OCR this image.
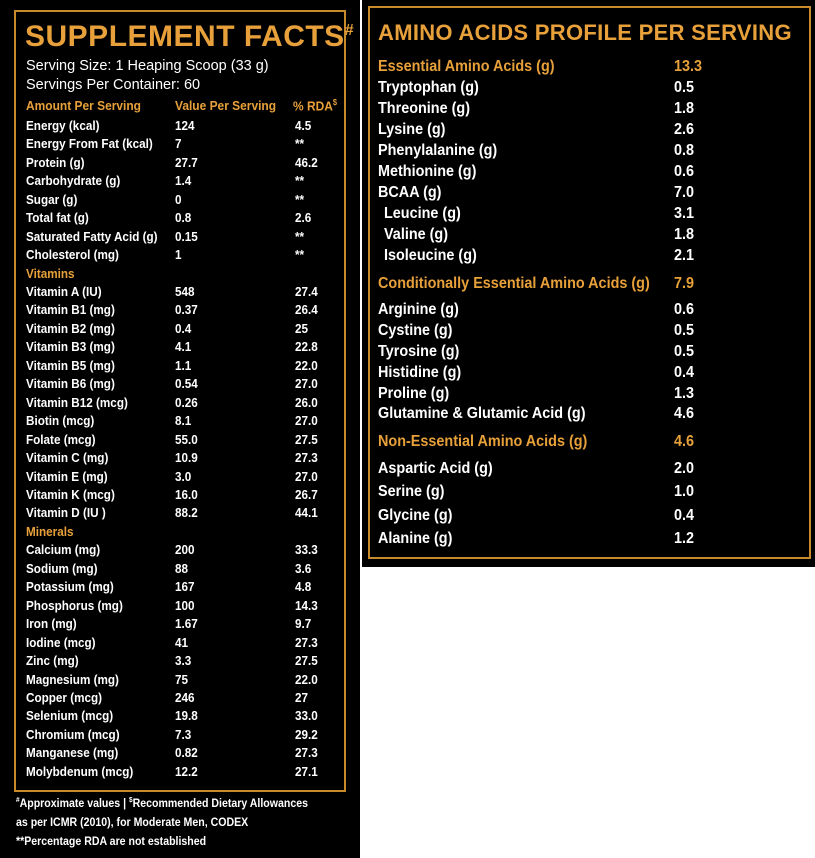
SUPPLEMENT FACTS#
Serving Size: 1 Heaping Scoop (33 g)
Servings Per Container: 60
Amount Per Serving	Value Per Serving % RDA$
Energy (kcal)	124	4.5
Energy From Fat (kcal) 7	**
Protein (g)	27.7	46.2
Carbohydrate (g)	1.4	**
Sugar (g)	0	**
Total fat (g)	0.8	2.6
Saturated Fatty Acid (g) 0.15	**
Cholesterol (mg)	1	**
Vitamins
Vitamin A (IU)	548	27.4
Vitamin B1 (mg)	0.37	26.4
Vitamin B2 (mg)	0.4	25
Vitamin B3 (mg)	4.1	22.8
Vitamin B5 (mg)	1.1	22.0
Vitamin B6 (mg)	0.54	27.0
Vitamin B12 (mcg)	0.26	26.0
Biotin (mcg)	8.1	27.0
Folate (mcg)	55.0	27.5
Vitamin C (mg)	10.9	27.3
Vitamin E (mg)	3.0	27.0
Vitamin K (mcg)	16.0	26.7
Vitamin D (IU )	88.2	44.1
Minerals
Calcium (mg)	200	33.3
Sodium (mg)	88	3.6
Potassium (mg)	167	4.8
Phosphorus (mg)	100	14.3
Iron (mg)	1.67	9.7
Iodine (mcg)	41	27.3
Zinc (mg)	3.3	27.5
Magnesium (mg)	75	22.0
Copper (mcg)	246	27
Selenium (mcg)	19.8	33.0
Chromium (mcg)	7.3	29.2
Manganese (mg)	0.82	27.3
Molybdenum (mcg)	12.2	27.1
#Approximate values | $Recommended Dietary Allowances
as per ICMR (2010), for Moderate Men, CODEX
**Percentage RDA are not established
AMINO ACIDS PROFILE PER SERVING
Essential Amino Acids (g)	13.3
Tryptophan (g)	0.5
Threonine (g)	1.8
Lysine (g)	2.6
Phenylalanine (g)	0.8
Methionine (g)	0.6
BCAA (g)	7.0
Leucine (g)	3.1
Valine (g)	1.8
Isoleucine (g)	2.1
Conditionally Essential Amino Acids (g) 7.9
Arginine (g)	0.6
Cystine (g)	0.5
Tyrosine (g)	0.5
Histidine (g)	0.4
Proline (g)	1.3
Glutamine & Glutamic Acid (g)	4.6
Non-Essential Amino Acids (g)	4.6
Aspartic Acid (g)	2.0
Serine (g)	1.0
Glycine (g)	0.4
Alanine (g)	1.2
